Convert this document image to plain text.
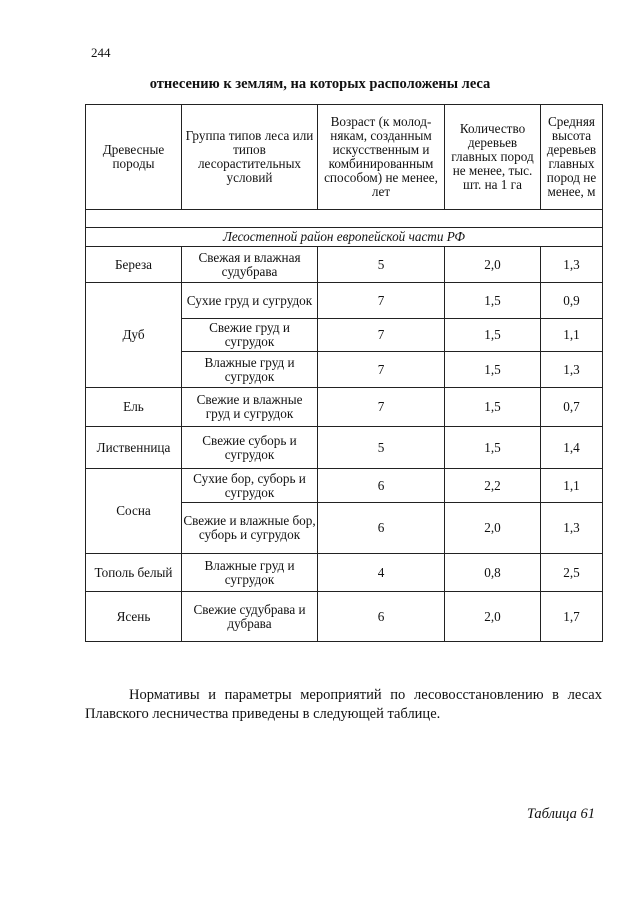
244
отнесению к землям, на которых расположены леса
Древесные породы	Группа типов леса или типов лесорастительных условий	Возраст (к молод-някам, созданным искусственным и комбинированным способом) не менее, лет	Количество деревьев главных пород не менее, тыс. шт. на 1 га	Средняя высота деревьев главных пород не менее, м

Лесостепной район европейской части РФ				
Береза	Свежая и влажная судубрава	5	2,0	1,3
Дуб	Сухие груд и сугрудок	7	1,5	0,9
	Свежие груд и сугрудок	7	1,5	1,1
	Влажные груд и сугрудок	7	1,5	1,3
Ель	Свежие и влажные груд и сугрудок	7	1,5	0,7
Лиственница	Свежие суборь и сугрудок	5	1,5	1,4
Сосна	Сухие бор, суборь и сугрудок	6	2,2	1,1
	Свежие и влажные бор, суборь и сугрудок	6	2,0	1,3
Тополь белый	Влажные груд и сугрудок	4	0,8	2,5
Ясень	Свежие судубрава и дубрава	6	2,0	1,7
Нормативы и параметры мероприятий по лесовосстановлению в лесах Плавского лесничества приведены в следующей таблице.
Таблица 61
